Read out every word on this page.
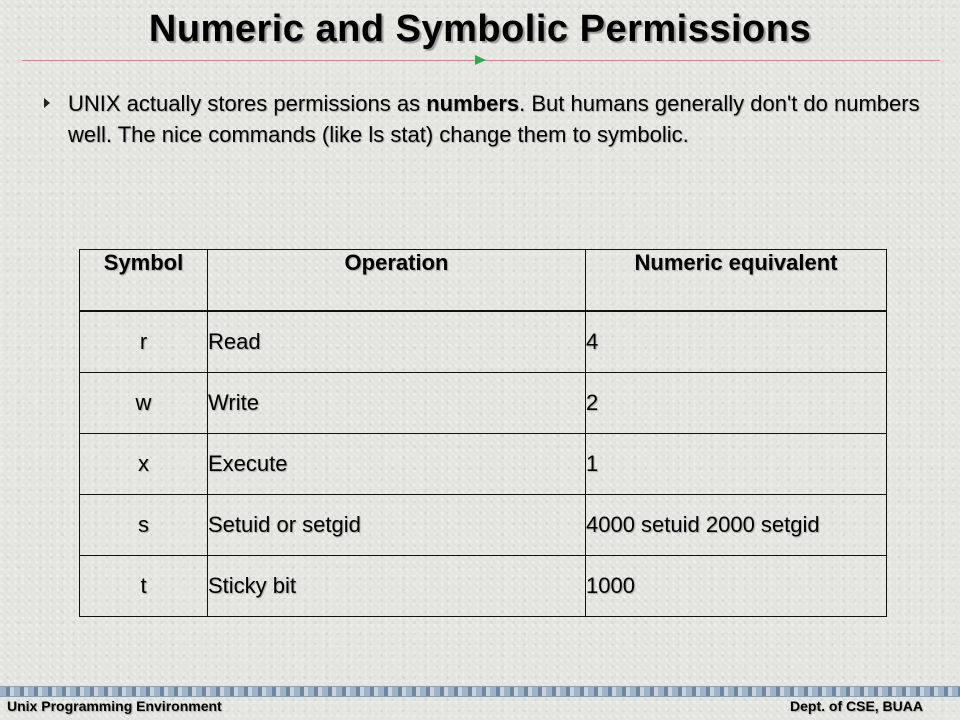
Numeric and Symbolic Permissions
UNIX actually stores permissions as numbers. But humans generally don't do numbers well. The nice commands (like ls stat) change them to symbolic.
Symbol	Operation	Numeric equivalent
r	Read	4
w	Write	2
x	Execute	1
s	Setuid or setgid	4000 setuid 2000 setgid
t	Sticky bit	1000
Unix Programming Environment	Dept. of CSE, BUAA
